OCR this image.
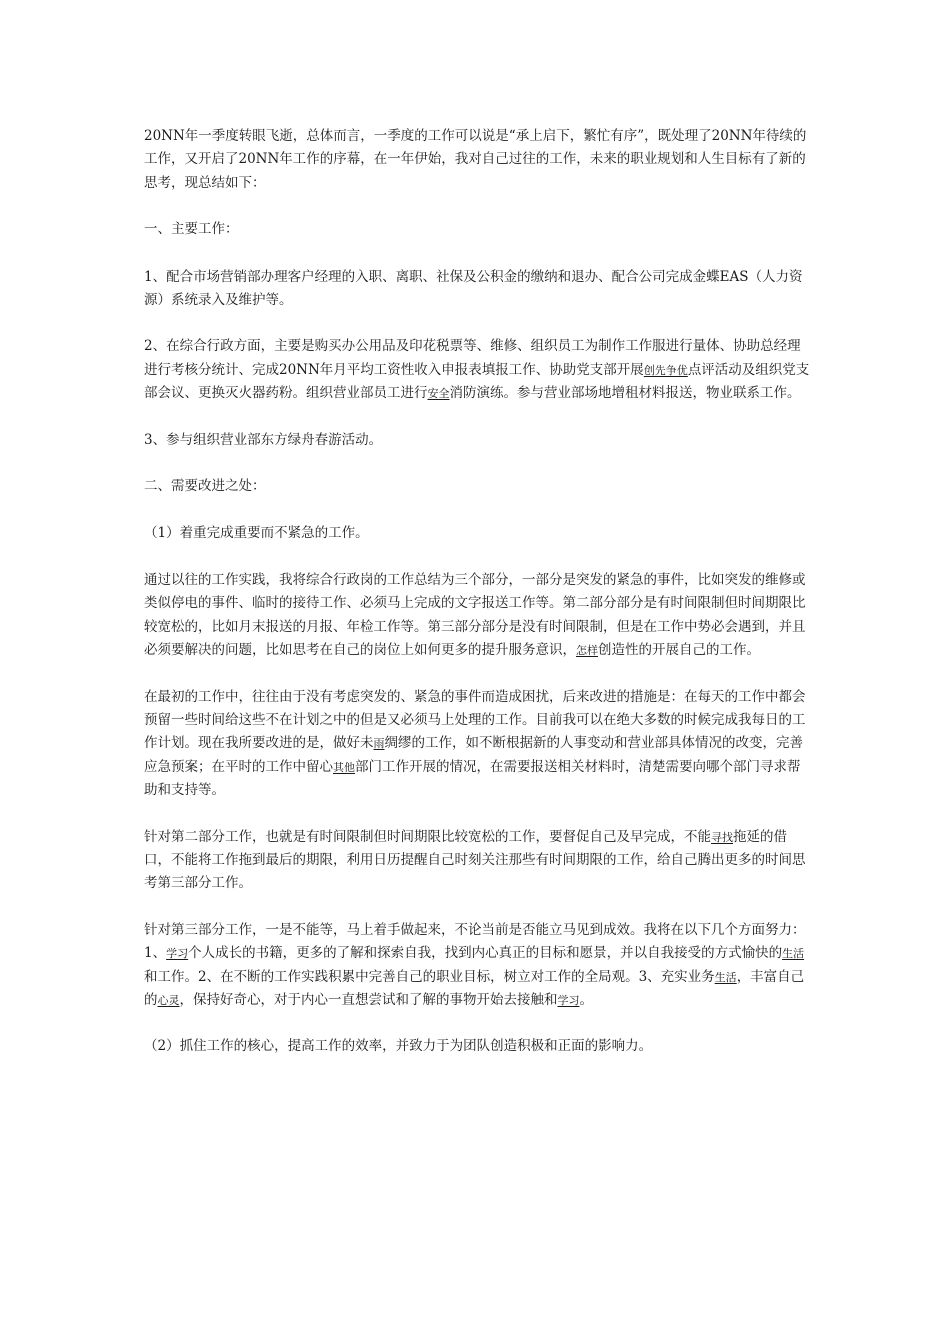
20NN年一季度转眼飞逝，总体而言，一季度的工作可以说是“承上启下，繁忙有序”，既处理了20NN年待续的工作，又开启了20NN年工作的序幕，在一年伊始，我对自己过往的工作，未来的职业规划和人生目标有了新的思考，现总结如下：

一、主要工作：

1、配合市场营销部办理客户经理的入职、离职、社保及公积金的缴纳和退办、配合公司完成金蝶EAS（人力资源）系统录入及维护等。

2、在综合行政方面，主要是购买办公用品及印花税票等、维修、组织员工为制作工作服进行量体、协助总经理进行考核分统计、完成20NN年月平均工资性收入申报表填报工作、协助党支部开展创先争优点评活动及组织党支部会议、更换灭火器药粉。组织营业部员工进行安全消防演练。参与营业部场地增租材料报送，物业联系工作。

3、参与组织营业部东方绿舟春游活动。

二、需要改进之处：

（1）着重完成重要而不紧急的工作。

通过以往的工作实践，我将综合行政岗的工作总结为三个部分，一部分是突发的紧急的事件，比如突发的维修或类似停电的事件、临时的接待工作、必须马上完成的文字报送工作等。第二部分部分是有时间限制但时间期限比较宽松的，比如月末报送的月报、年检工作等。第三部分部分是没有时间限制，但是在工作中势必会遇到，并且必须要解决的问题，比如思考在自己的岗位上如何更多的提升服务意识，怎样创造性的开展自己的工作。

在最初的工作中，往往由于没有考虑突发的、紧急的事件而造成困扰，后来改进的措施是：在每天的工作中都会预留一些时间给这些不在计划之中的但是又必须马上处理的工作。目前我可以在绝大多数的时候完成我每日的工作计划。现在我所要改进的是，做好未雨绸缪的工作，如不断根据新的人事变动和营业部具体情况的改变，完善应急预案；在平时的工作中留心其他部门工作开展的情况，在需要报送相关材料时，清楚需要向哪个部门寻求帮助和支持等。

针对第二部分工作，也就是有时间限制但时间期限比较宽松的工作，要督促自己及早完成，不能寻找拖延的借口，不能将工作拖到最后的期限，利用日历提醒自己时刻关注那些有时间期限的工作，给自己腾出更多的时间思考第三部分工作。

针对第三部分工作，一是不能等，马上着手做起来，不论当前是否能立马见到成效。我将在以下几个方面努力：1、学习个人成长的书籍，更多的了解和探索自我，找到内心真正的目标和愿景，并以自我接受的方式愉快的生活和工作。2、在不断的工作实践积累中完善自己的职业目标，树立对工作的全局观。3、充实业务生活，丰富自己的心灵，保持好奇心，对于内心一直想尝试和了解的事物开始去接触和学习。

（2）抓住工作的核心，提高工作的效率，并致力于为团队创造积极和正面的影响力。
